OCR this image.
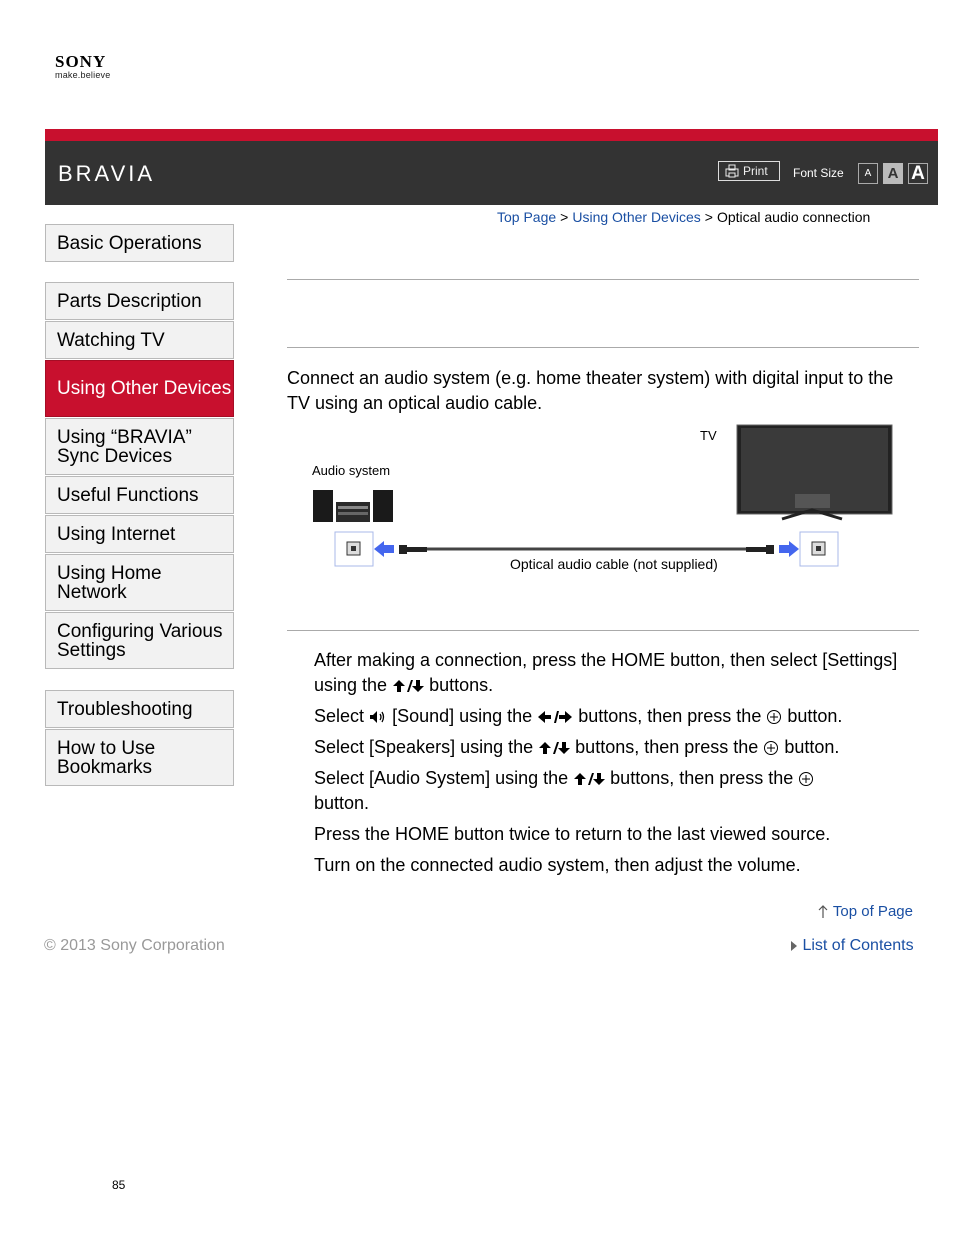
SONY
make.believe
BRAVIA	Print Font Size	A	A A
Top Page > Using Other Devices > Optical audio connection
Basic Operations
Parts Description
Watching TV
Using Other Devices
Using “BRAVIA” Sync Devices
Useful Functions
Using Internet
Using Home Network
Configuring Various Settings
Troubleshooting
How to Use Bookmarks
Connect an audio system (e.g. home theater system) with digital input to the TV using an optical audio cable.
TV
Audio system
Optical audio cable (not supplied)
After making a connection, press the HOME button, then select [Settings] using the buttons.
Select [Sound] using the	buttons, then press the button.
Select [Speakers] using the buttons, then press the button.
Select [Audio System] using the buttons, then press the
button.
Press the HOME button twice to return to the last viewed source.
Turn on the connected audio system, then adjust the volume.
Top of Page
List of Contents
© 2013 Sony Corporation
85
